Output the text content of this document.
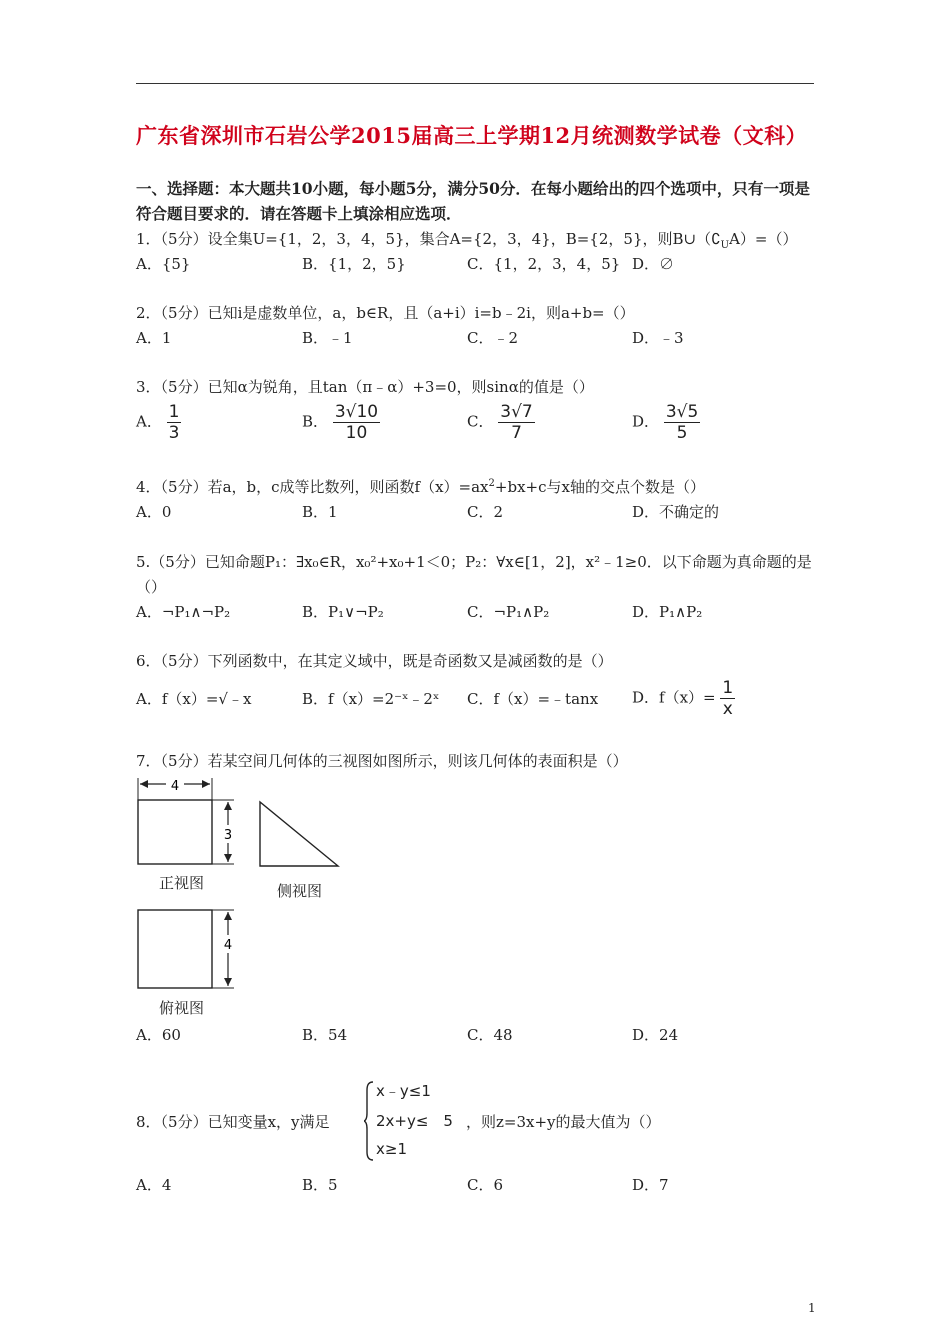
广东省深圳市石岩公学2015届高三上学期12月统测数学试卷（文科）
一、选择题：本大题共10小题，每小题5分，满分50分．在每小题给出的四个选项中，只有一项是符合题目要求的．请在答题卡上填涂相应选项．
1．（5分）设全集U={1，2，3，4，5}，集合A={2，3，4}，B={2，5}，则$B\cup(∁_UA)=()$
A．{5}	B．{1，2，5}	C．{1，2，3，4，5} D．∅
2．（5分）已知i是虚数单位，a，b∈R，且（a+i）i=b﹣2i，则a+b=（）
A．1	B．﹣1	C．﹣2	D．﹣3
3．（5分）已知α为锐角，且tan（π﹣α）+3=0，则sinα的值是（）
A． $\frac{1}{3}$	B． $\frac{3√10}{10}$	C． $\frac{3√7}{7}$	D． $\frac{3√5}{5}$
4．（5分）若a，b，c成等比数列，则函数$f(x)=ax^2+bx+c$与x轴的交点个数是（）
A．0	B．1	C．2	D．不确定的
5.（5分）已知命题P₁：∃x₀∈R，x₀²+x₀+1＜0；P₂：∀x∈[1，2]，x²﹣1≥0．以下命题为真命题的是
（）
A．¬P₁∧¬P₂	B．P₁∨¬P₂	C．¬P₁∧P₂	D．P₁∧P₂
6．（5分）下列函数中，在其定义域中，既是奇函数又是减函数的是（）
A．f（x）=√﹣x	B．f（x）=2⁻ˣ﹣2ˣ C．f（x）=﹣tanx D．$f(x)= \frac{1}{x}$
7．（5分）若某空间几何体的三视图如图所示，则该几何体的表面积是（）
4
3
4
正视图	侧视图
俯视图
A．60	B．54	C．48	D．24
8．（5分）已知变量x，y满足
x﹣y≤1
2x+y≤　5
x≥1
，则z=3x+y的最大值为（）
A．4	B．5	C．6	D．7
1
